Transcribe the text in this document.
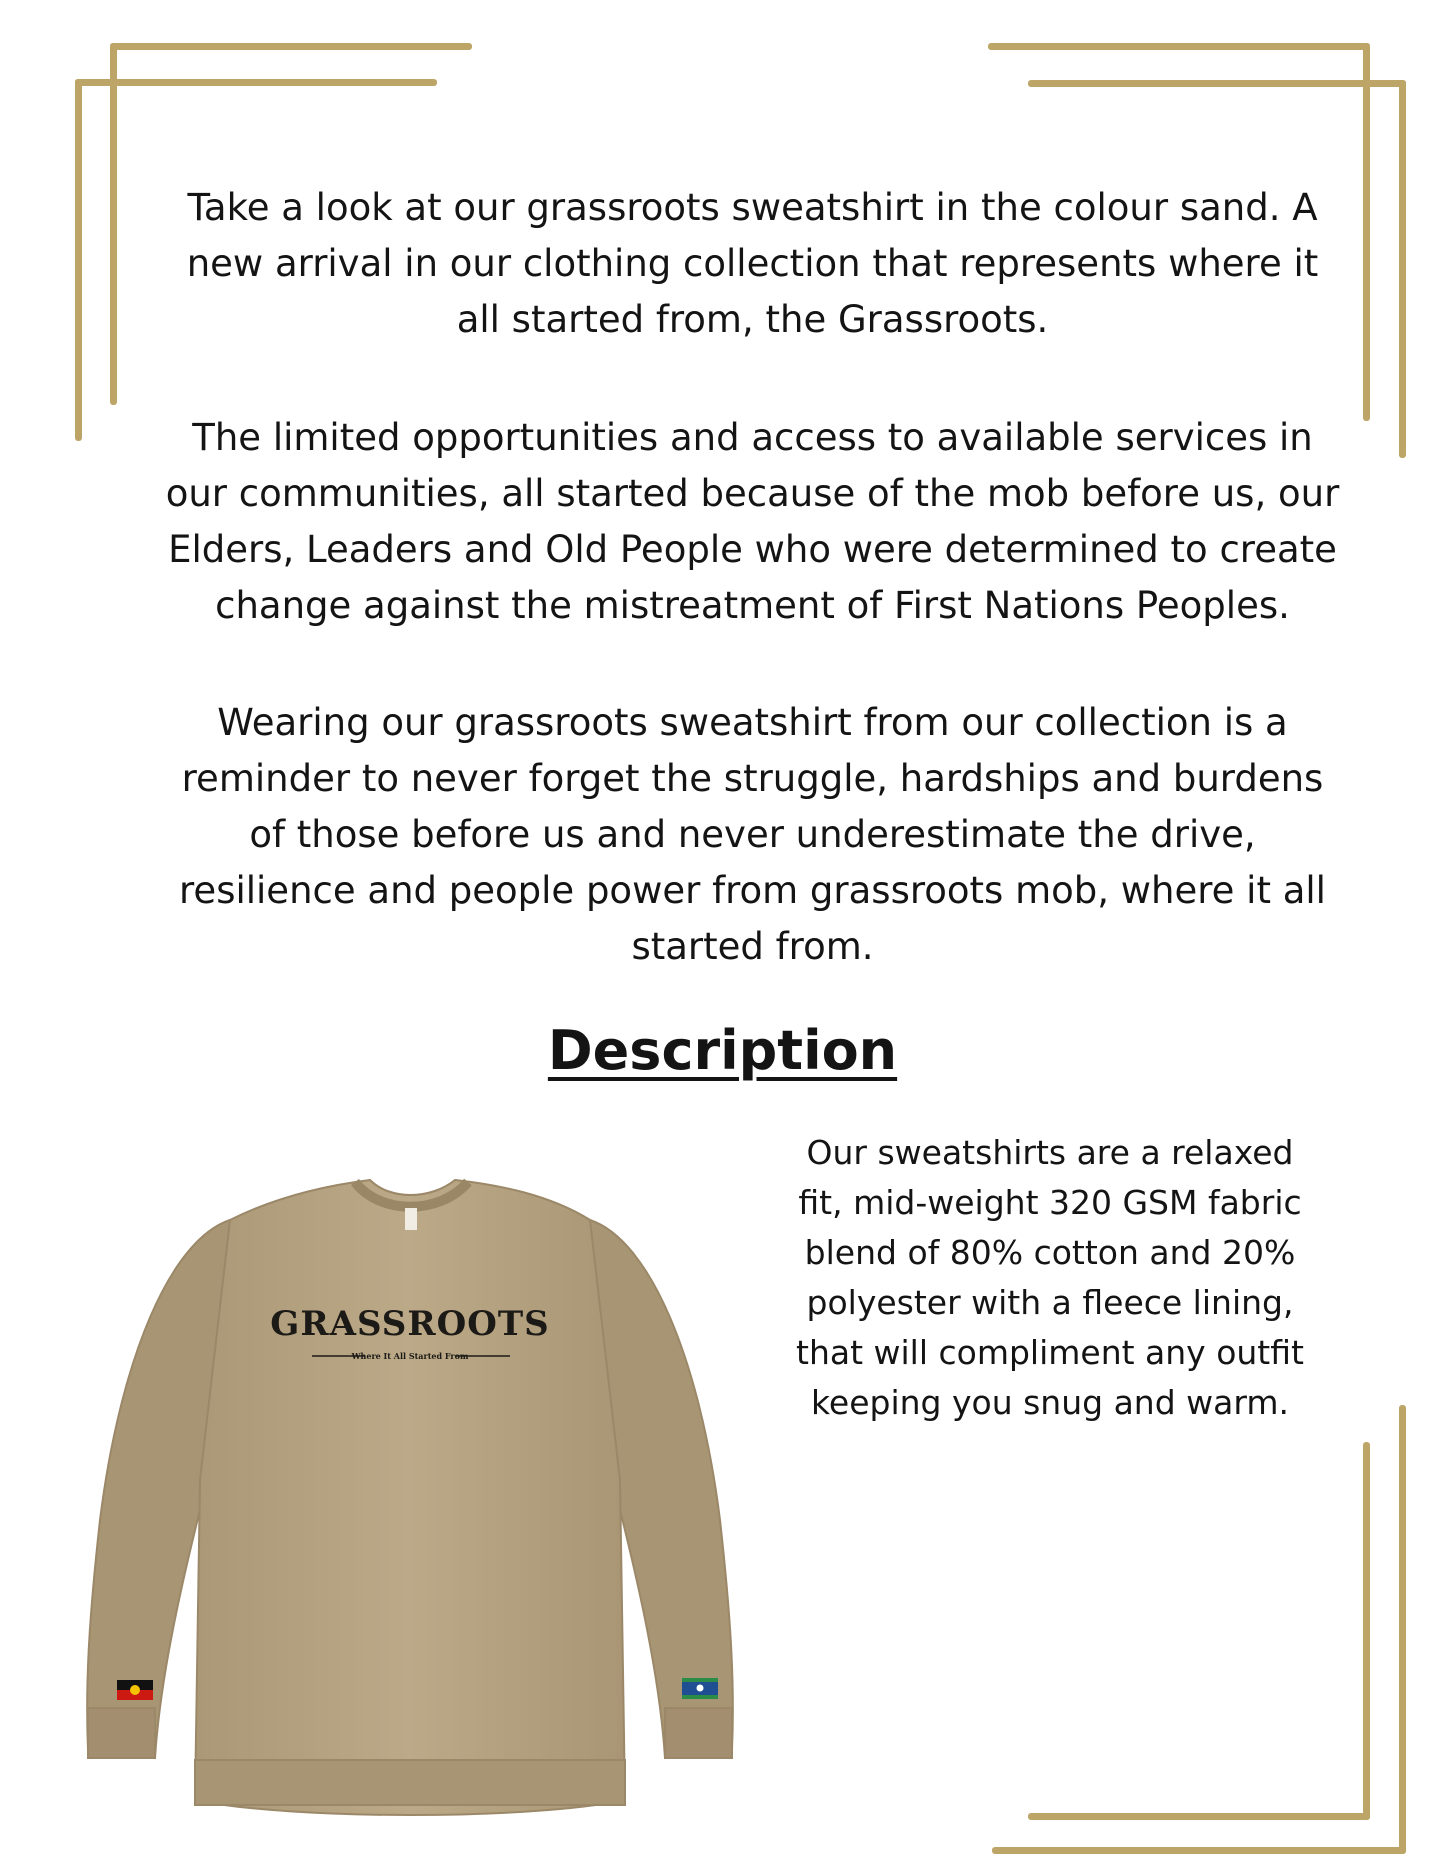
Take a look at our grassroots sweatshirt in the colour sand. A
new arrival in our clothing collection that represents where it
all started from, the Grassroots.

The limited opportunities and access to available services in
our communities, all started because of the mob before us, our
Elders, Leaders and Old People who were determined to create
change against the mistreatment of First Nations Peoples.

Wearing our grassroots sweatshirt from our collection is a
reminder to never forget the struggle, hardships and burdens
of those before us and never underestimate the drive,
resilience and people power from grassroots mob, where it all
started from.

Description

Our sweatshirts are a relaxed
fit, mid-weight 320 GSM fabric
blend of 80% cotton and 20%
polyester with a fleece lining,
that will compliment any outfit
keeping you snug and warm.

GRASSROOTS
Where It All Started From
